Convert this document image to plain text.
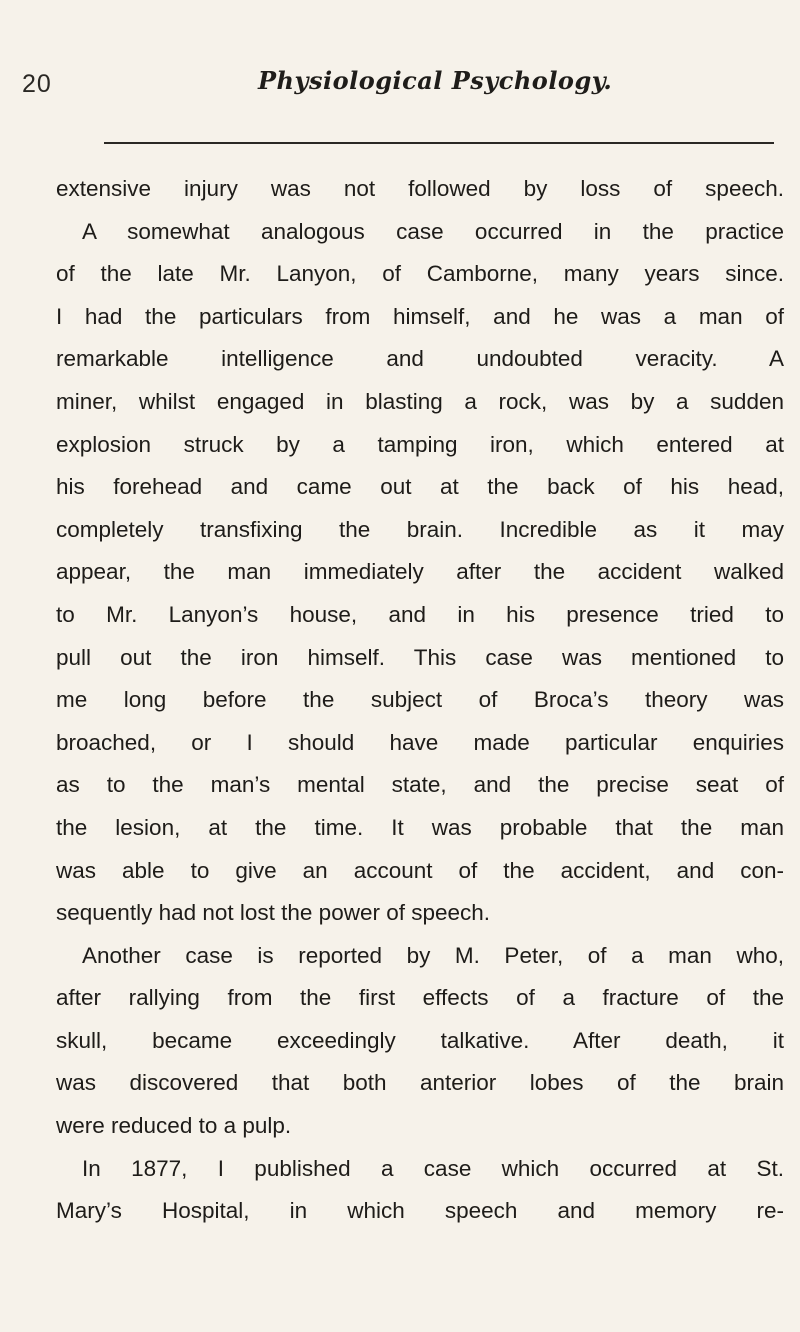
20	Physiological Psychology.
extensive injury was not followed by loss of speech.
A somewhat analogous case occurred in the practice
of the late Mr. Lanyon, of Camborne, many years since.
I had the particulars from himself, and he was a man of
remarkable intelligence and undoubted veracity. A
miner, whilst engaged in blasting a rock, was by a sudden
explosion struck by a tamping iron, which entered at
his forehead and came out at the back of his head,
completely transfixing the brain. Incredible as it may
appear, the man immediately after the accident walked
to Mr. Lanyon’s house, and in his presence tried to
pull out the iron himself. This case was mentioned to
me long before the subject of Broca’s theory was
broached, or I should have made particular enquiries
as to the man’s mental state, and the precise seat of
the lesion, at the time. It was probable that the man
was able to give an account of the accident, and con-
sequently had not lost the power of speech.
Another case is reported by M. Peter, of a man who,
after rallying from the first effects of a fracture of the
skull, became exceedingly talkative. After death, it
was discovered that both anterior lobes of the brain
were reduced to a pulp.
In 1877, I published a case which occurred at St.
Mary’s Hospital, in which speech and memory re-
